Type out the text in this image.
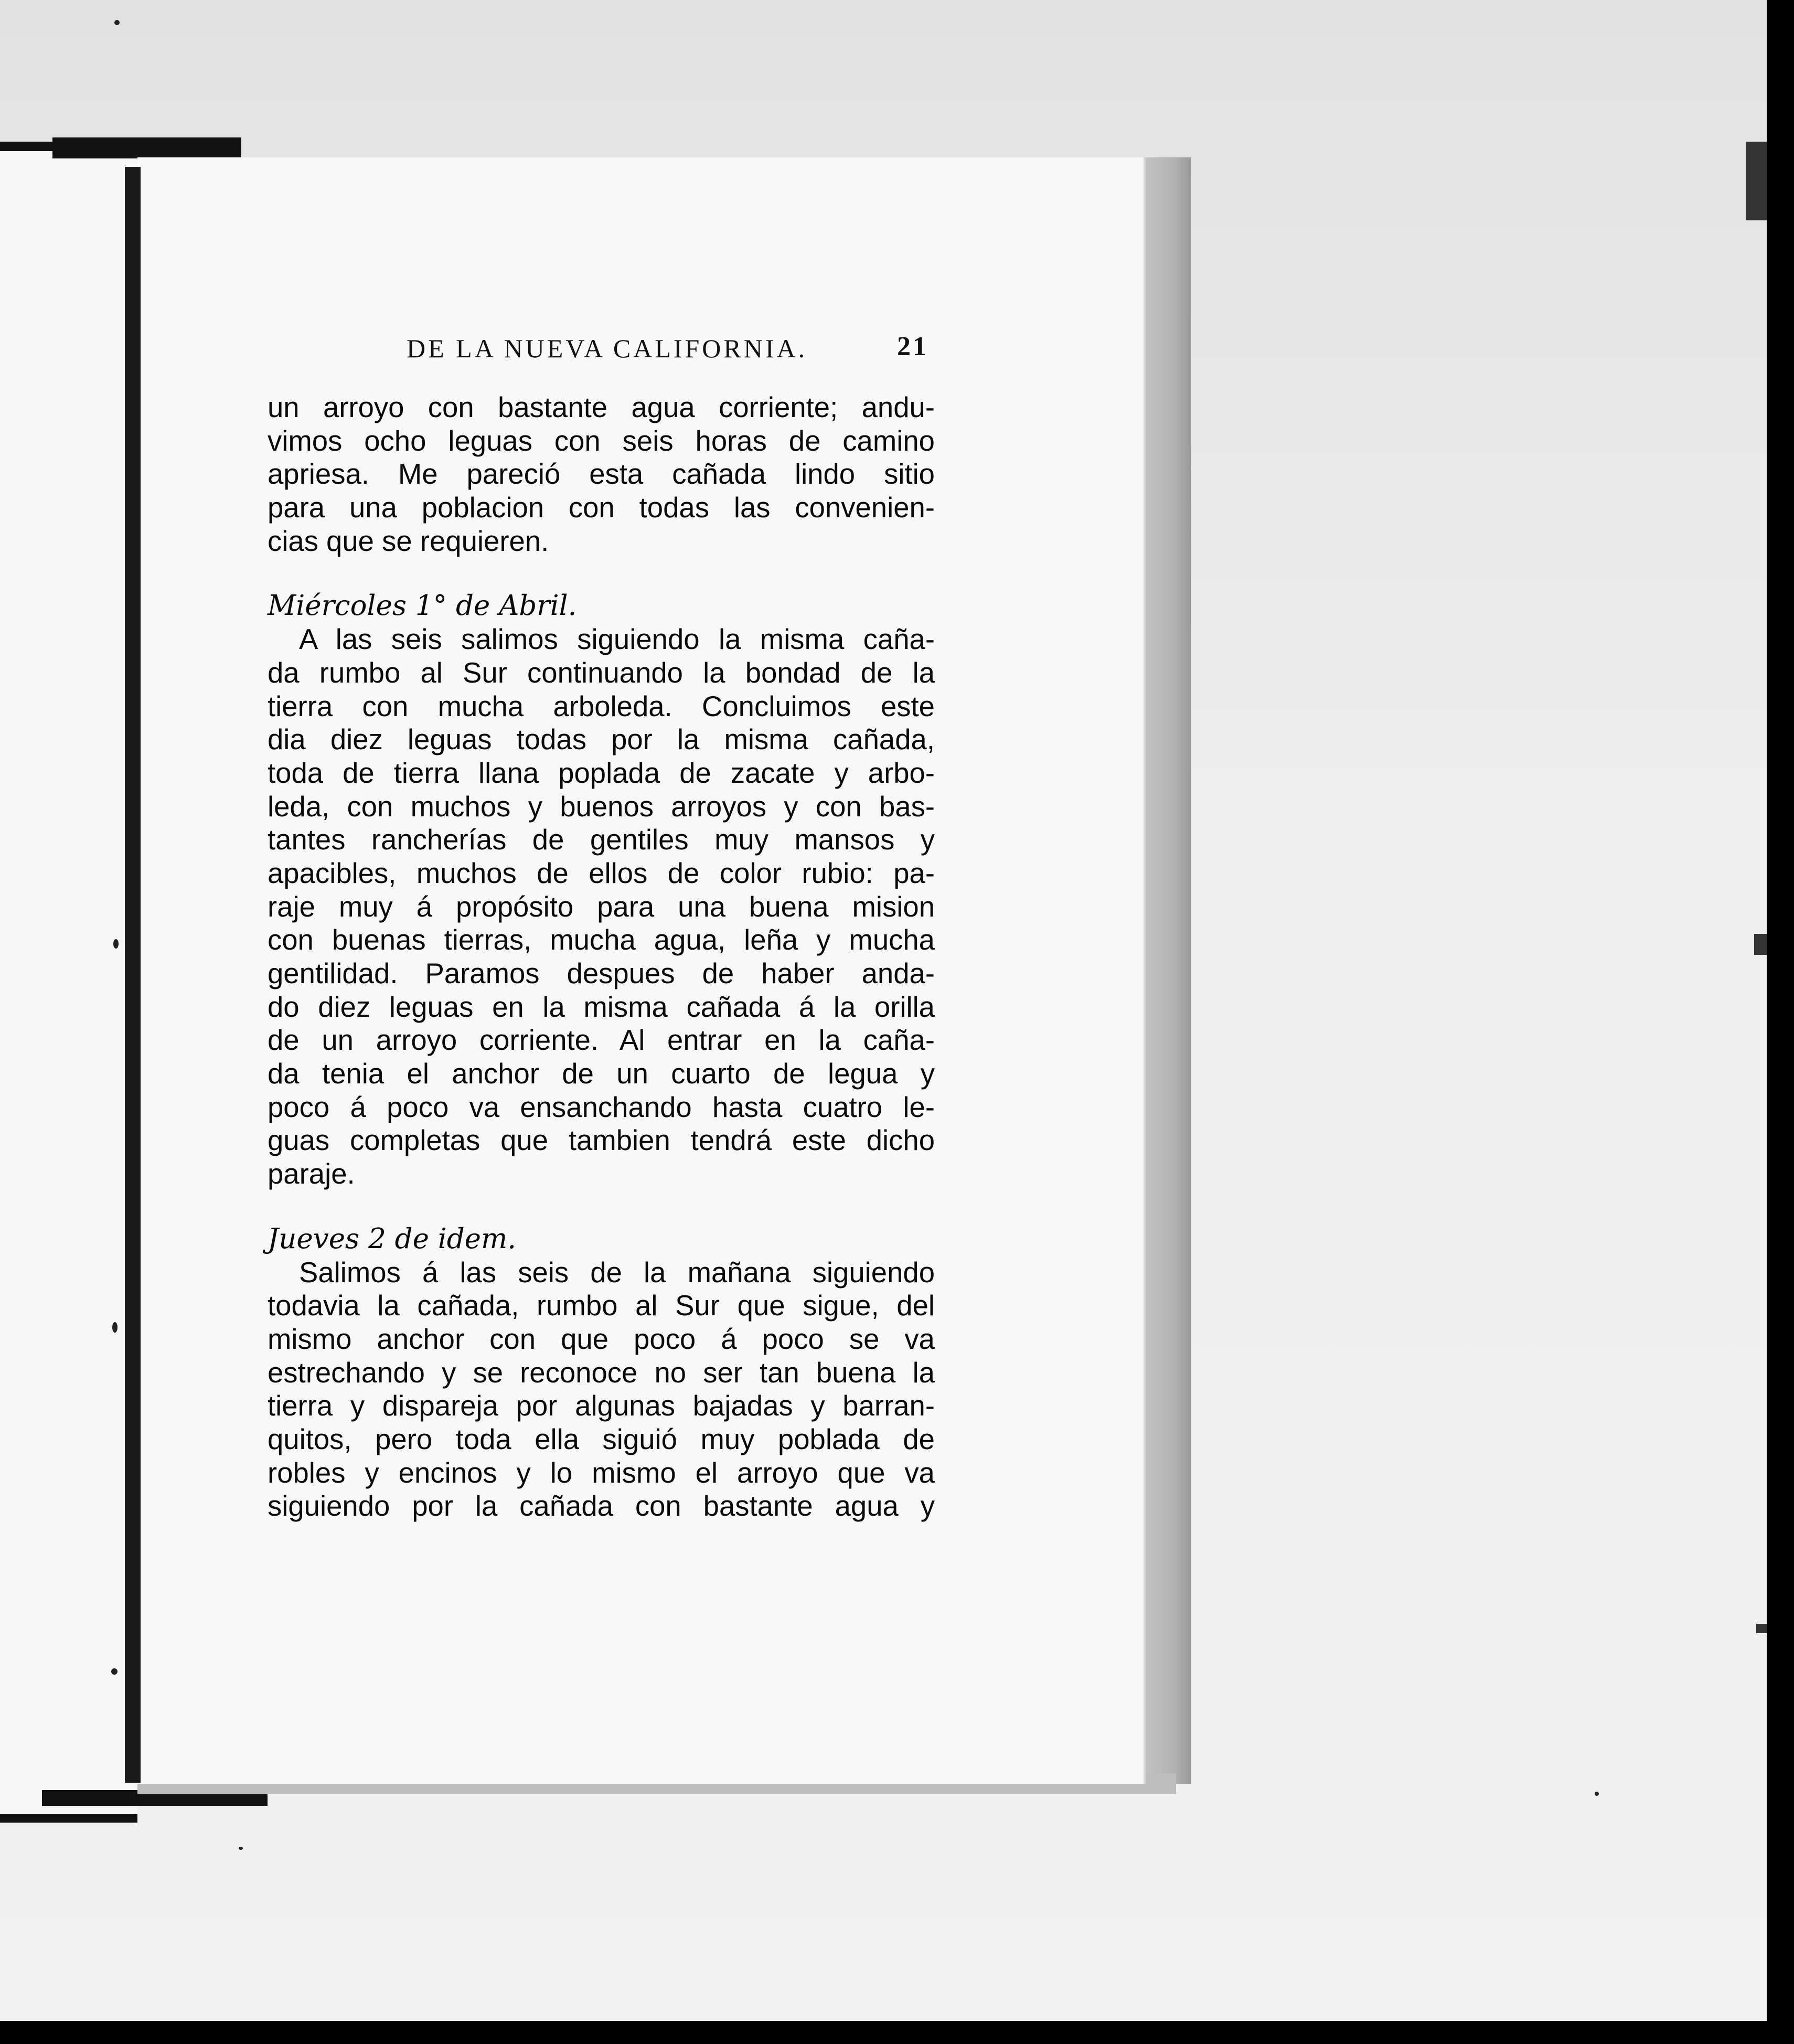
DE LA NUEVA CALIFORNIA.	21
un arroyo con bastante agua corriente; andu-
vimos ocho leguas con seis horas de camino
apriesa. Me pareció esta cañada lindo sitio
para una poblacion con todas las convenien-
cias que se requieren.
Miércoles 1° de Abril.
A las seis salimos siguiendo la misma caña-
da rumbo al Sur continuando la bondad de la
tierra con mucha arboleda. Concluimos este
dia diez leguas todas por la misma cañada,
toda de tierra llana poplada de zacate y arbo-
leda, con muchos y buenos arroyos y con bas-
tantes rancherías de gentiles muy mansos y
apacibles, muchos de ellos de color rubio: pa-
raje muy á propósito para una buena mision
con buenas tierras, mucha agua, leña y mucha
gentilidad. Paramos despues de haber anda-
do diez leguas en la misma cañada á la orilla
de un arroyo corriente. Al entrar en la caña-
da tenia el anchor de un cuarto de legua y
poco á poco va ensanchando hasta cuatro le-
guas completas que tambien tendrá este dicho
paraje.
Jueves 2 de idem.
Salimos á las seis de la mañana siguiendo
todavia la cañada, rumbo al Sur que sigue, del
mismo anchor con que poco á poco se va
estrechando y se reconoce no ser tan buena la
tierra y dispareja por algunas bajadas y barran-
quitos, pero toda ella siguió muy poblada de
robles y encinos y lo mismo el arroyo que va
siguiendo por la cañada con bastante agua y
